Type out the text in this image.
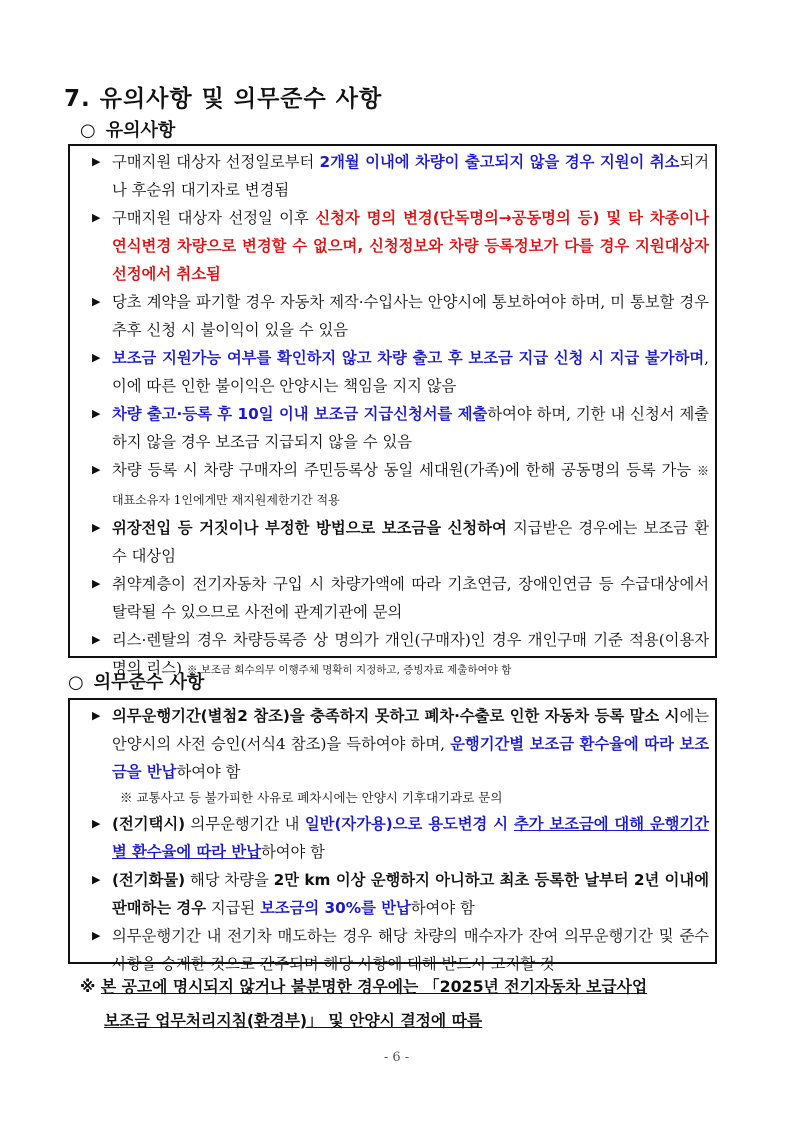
7. 유의사항 및 의무준수 사항
○ 유의사항
▶ 구매지원 대상자 선정일로부터 2개월 이내에 차량이 출고되지 않을 경우 지원이 취소되거나 후순위 대기자로 변경됨
▶ 구매지원 대상자 선정일 이후 신청자 명의 변경(단독명의→공동명의 등) 및 타 차종이나 연식변경 차량으로 변경할 수 없으며, 신청정보와 차량 등록정보가 다를 경우 지원대상자 선정에서 취소됨
▶ 당초 계약을 파기할 경우 자동차 제작·수입사는 안양시에 통보하여야 하며, 미 통보할 경우 추후 신청 시 불이익이 있을 수 있음
▶ 보조금 지원가능 여부를 확인하지 않고 차량 출고 후 보조금 지급 신청 시 지급 불가하며, 이에 따른 인한 불이익은 안양시는 책임을 지지 않음
▶ 차량 출고·등록 후 10일 이내 보조금 지급신청서를 제출하여야 하며, 기한 내 신청서 제출하지 않을 경우 보조금 지급되지 않을 수 있음
▶ 차량 등록 시 차량 구매자의 주민등록상 동일 세대원(가족)에 한해 공동명의 등록 가능 ※ 대표소유자 1인에게만 재지원제한기간 적용
▶ 위장전입 등 거짓이나 부정한 방법으로 보조금을 신청하여 지급받은 경우에는 보조금 환수 대상임
▶ 취약계층이 전기자동차 구입 시 차량가액에 따라 기초연금, 장애인연금 등 수급대상에서 탈락될 수 있으므로 사전에 관계기관에 문의
▶ 리스·렌탈의 경우 차량등록증 상 명의가 개인(구매자)인 경우 개인구매 기준 적용(이용자명의 리스) ※ 보조금 회수의무 이행주체 명확히 지정하고, 증빙자료 제출하여야 함
○ 의무준수 사항
▶ 의무운행기간(별첨2 참조)을 충족하지 못하고 폐차·수출로 인한 자동차 등록 말소 시에는 안양시의 사전 승인(서식4 참조)을 득하여야 하며, 운행기간별 보조금 환수율에 따라 보조금을 반납하여야 함
※ 교통사고 등 불가피한 사유로 폐차시에는 안양시 기후대기과로 문의
▶ (전기택시) 의무운행기간 내 일반(자가용)으로 용도변경 시 추가 보조금에 대해 운행기간별 환수율에 따라 반납하여야 함
▶ (전기화물) 해당 차량을 2만 km 이상 운행하지 아니하고 최초 등록한 날부터 2년 이내에 판매하는 경우 지급된 보조금의 30%를 반납하여야 함
▶ 의무운행기간 내 전기차 매도하는 경우 해당 차량의 매수자가 잔여 의무운행기간 및 준수사항을 승계한 것으로 간주되며 해당 사항에 대해 반드시 고지할 것
※ 본 공고에 명시되지 않거나 불분명한 경우에는 「2025년 전기자동차 보급사업
보조금 업무처리지침(환경부)」 및 안양시 결정에 따름
- 6 -
